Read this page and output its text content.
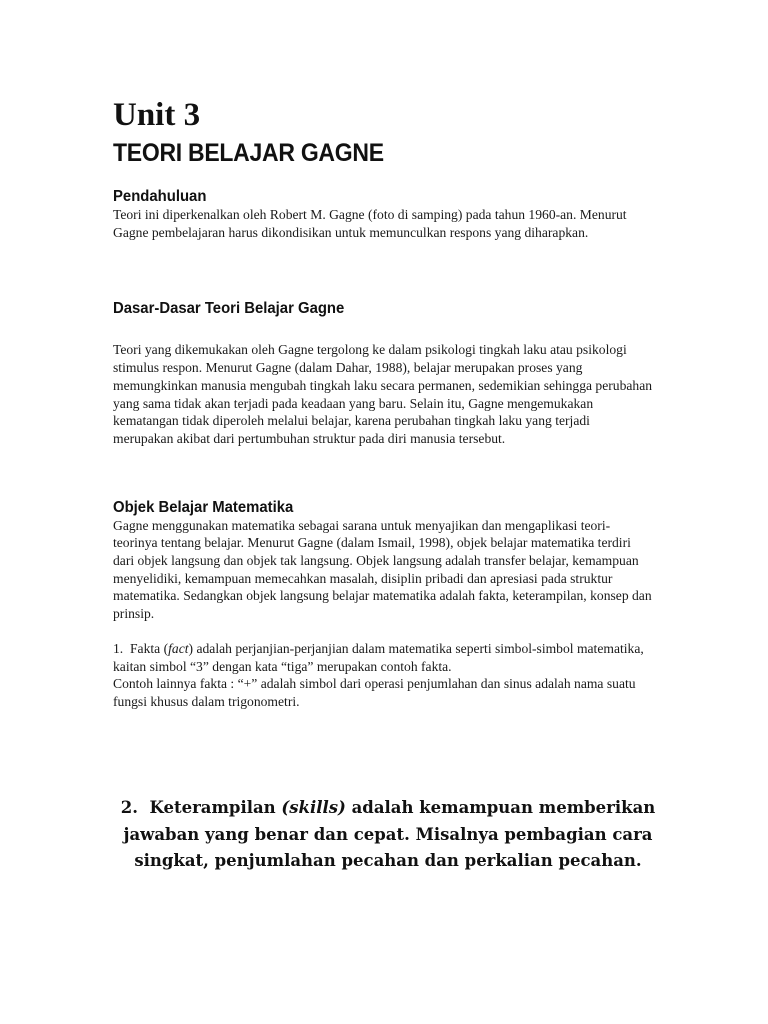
Unit 3
TEORI BELAJAR GAGNE
Pendahuluan

Teori ini diperkenalkan oleh Robert M. Gagne (foto di samping) pada tahun 1960-an. Menurut Gagne pembelajaran harus dikondisikan untuk memunculkan respons yang diharapkan.

Dasar-Dasar Teori Belajar Gagne

Teori yang dikemukakan oleh Gagne tergolong ke dalam psikologi tingkah laku atau psikologi stimulus respon. Menurut Gagne (dalam Dahar, 1988), belajar merupakan proses yang memungkinkan manusia mengubah tingkah laku secara permanen, sedemikian sehingga perubahan yang sama tidak akan terjadi pada keadaan yang baru. Selain itu, Gagne mengemukakan kematangan tidak diperoleh melalui belajar, karena perubahan tingkah laku yang terjadi merupakan akibat dari pertumbuhan struktur pada diri manusia tersebut.

Objek Belajar Matematika

Gagne menggunakan matematika sebagai sarana untuk menyajikan dan mengaplikasi teori-teorinya tentang belajar. Menurut Gagne (dalam Ismail, 1998), objek belajar matematika terdiri dari objek langsung dan objek tak langsung. Objek langsung adalah transfer belajar, kemampuan menyelidiki, kemampuan memecahkan masalah, disiplin pribadi dan apresiasi pada struktur matematika. Sedangkan objek langsung belajar matematika adalah fakta, keterampilan, konsep dan prinsip.

1. Fakta (fact) adalah perjanjian-perjanjian dalam matematika seperti simbol-simbol matematika, kaitan simbol “3” dengan kata “tiga” merupakan contoh fakta.

Contoh lainnya fakta : “+” adalah simbol dari operasi penjumlahan dan sinus adalah nama suatu fungsi khusus dalam trigonometri.

2. Keterampilan (skills) adalah kemampuan memberikan jawaban yang benar dan cepat. Misalnya pembagian cara singkat, penjumlahan pecahan dan perkalian pecahan.
